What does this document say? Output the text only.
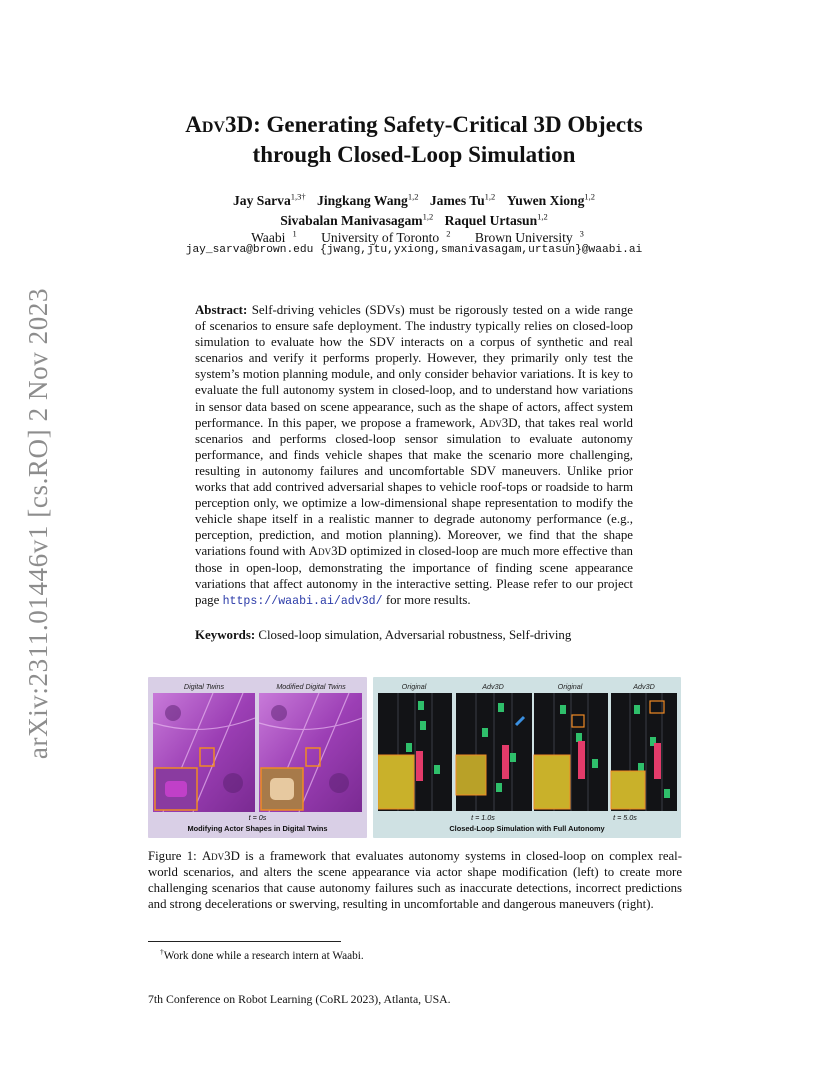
arXiv:2311.01446v1 [cs.RO] 2 Nov 2023
Adv3D: Generating Safety-Critical 3D Objects
through Closed-Loop Simulation
Jay Sarva$^{1,3\dagger}$ Jingkang Wang$^{1,2}$ James Tu$^{1,2}$ Yuwen Xiong$^{1,2}$
Sivabalan Manivasagam$^{1,2}$ Raquel Urtasun$^{1,2}$
Waabi $^1$ University of Toronto $^2$ Brown University $^3$
jay_sarva@brown.edu {jwang,jtu,yxiong,smanivasagam,urtasun}@waabi.ai
Abstract: Self-driving vehicles (SDVs) must be rigorously tested on a wide range of scenarios to ensure safe deployment. The industry typically relies on closed-loop simulation to evaluate how the SDV interacts on a corpus of synthetic and real scenarios and verify it performs properly. However, they primarily only test the system’s motion planning module, and only consider behavior variations. It is key to evaluate the full autonomy system in closed-loop, and to understand how variations in sensor data based on scene appearance, such as the shape of actors, affect system performance. In this paper, we propose a framework, Adv3D, that takes real world scenarios and performs closed-loop sensor simulation to evaluate autonomy performance, and finds vehicle shapes that make the scenario more challenging, resulting in autonomy failures and uncomfortable SDV maneuvers. Unlike prior works that add contrived adversarial shapes to vehicle roof-tops or roadside to harm perception only, we optimize a low-dimensional shape representation to modify the vehicle shape itself in a realistic manner to degrade autonomy performance (e.g., perception, prediction, and motion planning). Moreover, we find that the shape variations found with Adv3D optimized in closed-loop are much more effective than those in open-loop, demonstrating the importance of finding scene appearance variations that affect autonomy in the interactive setting. Please refer to our project page https://waabi.ai/adv3d/ for more results.
Keywords: Closed-loop simulation, Adversarial robustness, Self-driving
Digital Twins	Modified Digital Twins
t = 0s
Modifying Actor Shapes in Digital Twins
Original	Adv3D	Original	Adv3D
t = 1.0s	t = 5.0s
Closed-Loop Simulation with Full Autonomy
Figure 1: Adv3D is a framework that evaluates autonomy systems in closed-loop on complex real-world scenarios, and alters the scene appearance via actor shape modification (left) to create more challenging scenarios that cause autonomy failures such as inaccurate detections, incorrect predictions and strong decelerations or swerving, resulting in uncomfortable and dangerous maneuvers (right).
†Work done while a research intern at Waabi.
7th Conference on Robot Learning (CoRL 2023), Atlanta, USA.
